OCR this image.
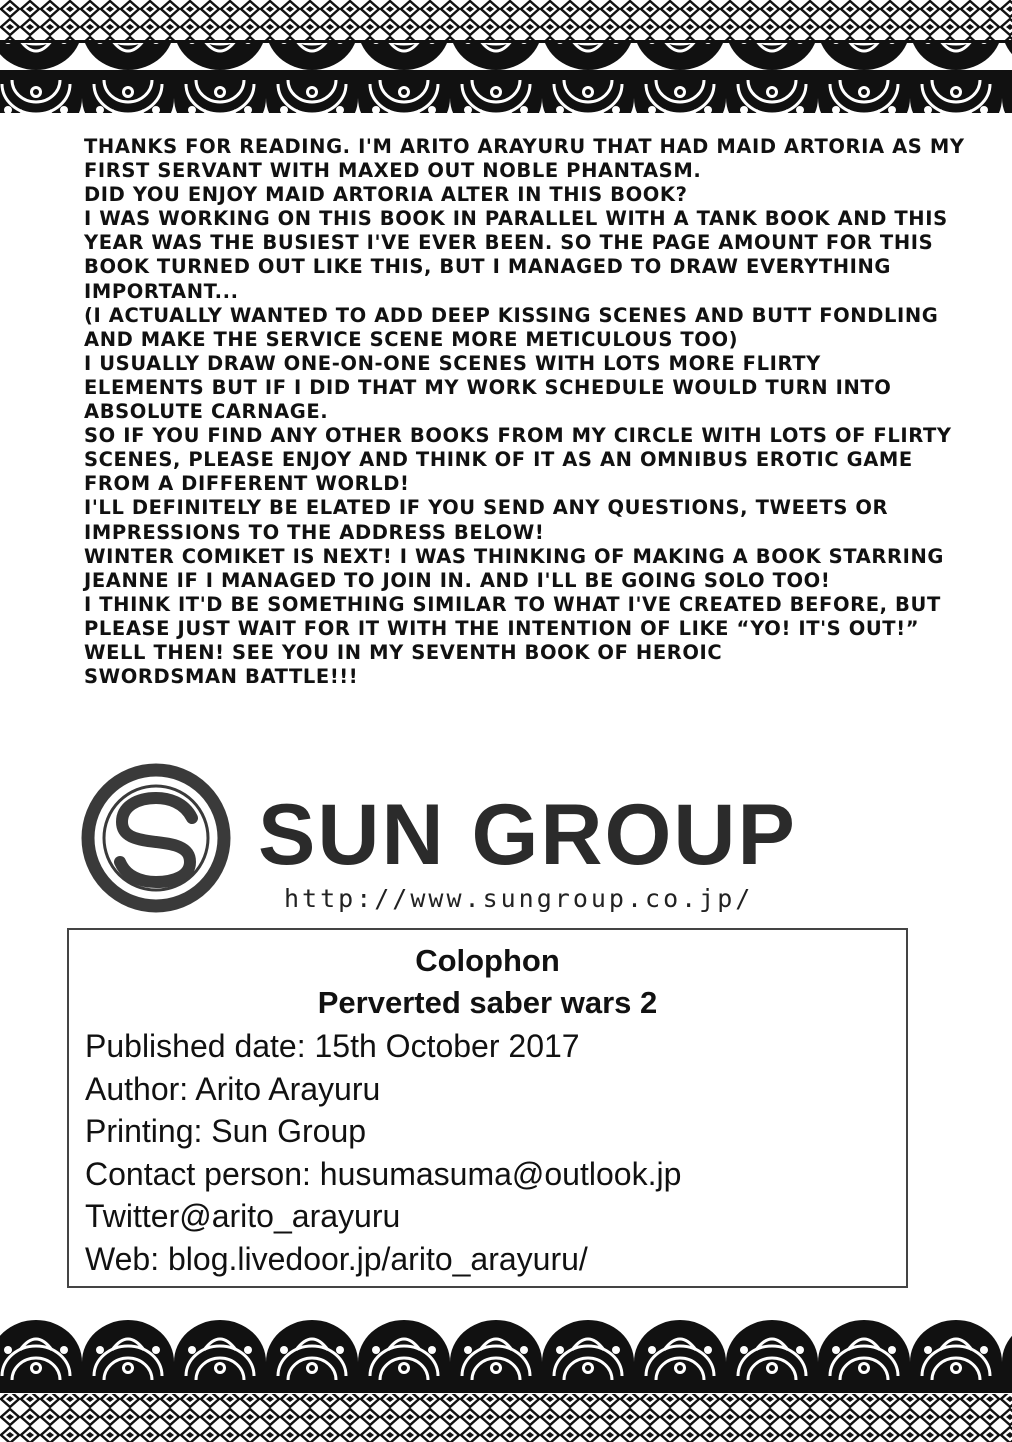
THANKS FOR READING. I'M ARITO ARAYURU THAT HAD MAID ARTORIA AS MY
FIRST SERVANT WITH MAXED OUT NOBLE PHANTASM.
DID YOU ENJOY MAID ARTORIA ALTER IN THIS BOOK?
I WAS WORKING ON THIS BOOK IN PARALLEL WITH A TANK BOOK AND THIS
YEAR WAS THE BUSIEST I'VE EVER BEEN. SO THE PAGE AMOUNT FOR THIS
BOOK TURNED OUT LIKE THIS, BUT I MANAGED TO DRAW EVERYTHING
IMPORTANT...
(I ACTUALLY WANTED TO ADD DEEP KISSING SCENES AND BUTT FONDLING
AND MAKE THE SERVICE SCENE MORE METICULOUS TOO)
I USUALLY DRAW ONE-ON-ONE SCENES WITH LOTS MORE FLIRTY
ELEMENTS BUT IF I DID THAT MY WORK SCHEDULE WOULD TURN INTO
ABSOLUTE CARNAGE.
SO IF YOU FIND ANY OTHER BOOKS FROM MY CIRCLE WITH LOTS OF FLIRTY
SCENES, PLEASE ENJOY AND THINK OF IT AS AN OMNIBUS EROTIC GAME
FROM A DIFFERENT WORLD!
I'LL DEFINITELY BE ELATED IF YOU SEND ANY QUESTIONS, TWEETS OR
IMPRESSIONS TO THE ADDRESS BELOW!
WINTER COMIKET IS NEXT! I WAS THINKING OF MAKING A BOOK STARRING
JEANNE IF I MANAGED TO JOIN IN. AND I'LL BE GOING SOLO TOO!
I THINK IT'D BE SOMETHING SIMILAR TO WHAT I'VE CREATED BEFORE, BUT
PLEASE JUST WAIT FOR IT WITH THE INTENTION OF LIKE “YO! IT'S OUT!”
WELL THEN! SEE YOU IN MY SEVENTH BOOK OF HEROIC
SWORDSMAN BATTLE!!!
SUN GROUP
http://www.sungroup.co.jp/
Colophon
Perverted saber wars 2
Published date: 15th October 2017
Author: Arito Arayuru
Printing: Sun Group
Contact person: husumasuma@outlook.jp
Twitter@arito_arayuru
Web: blog.livedoor.jp/arito_arayuru/
